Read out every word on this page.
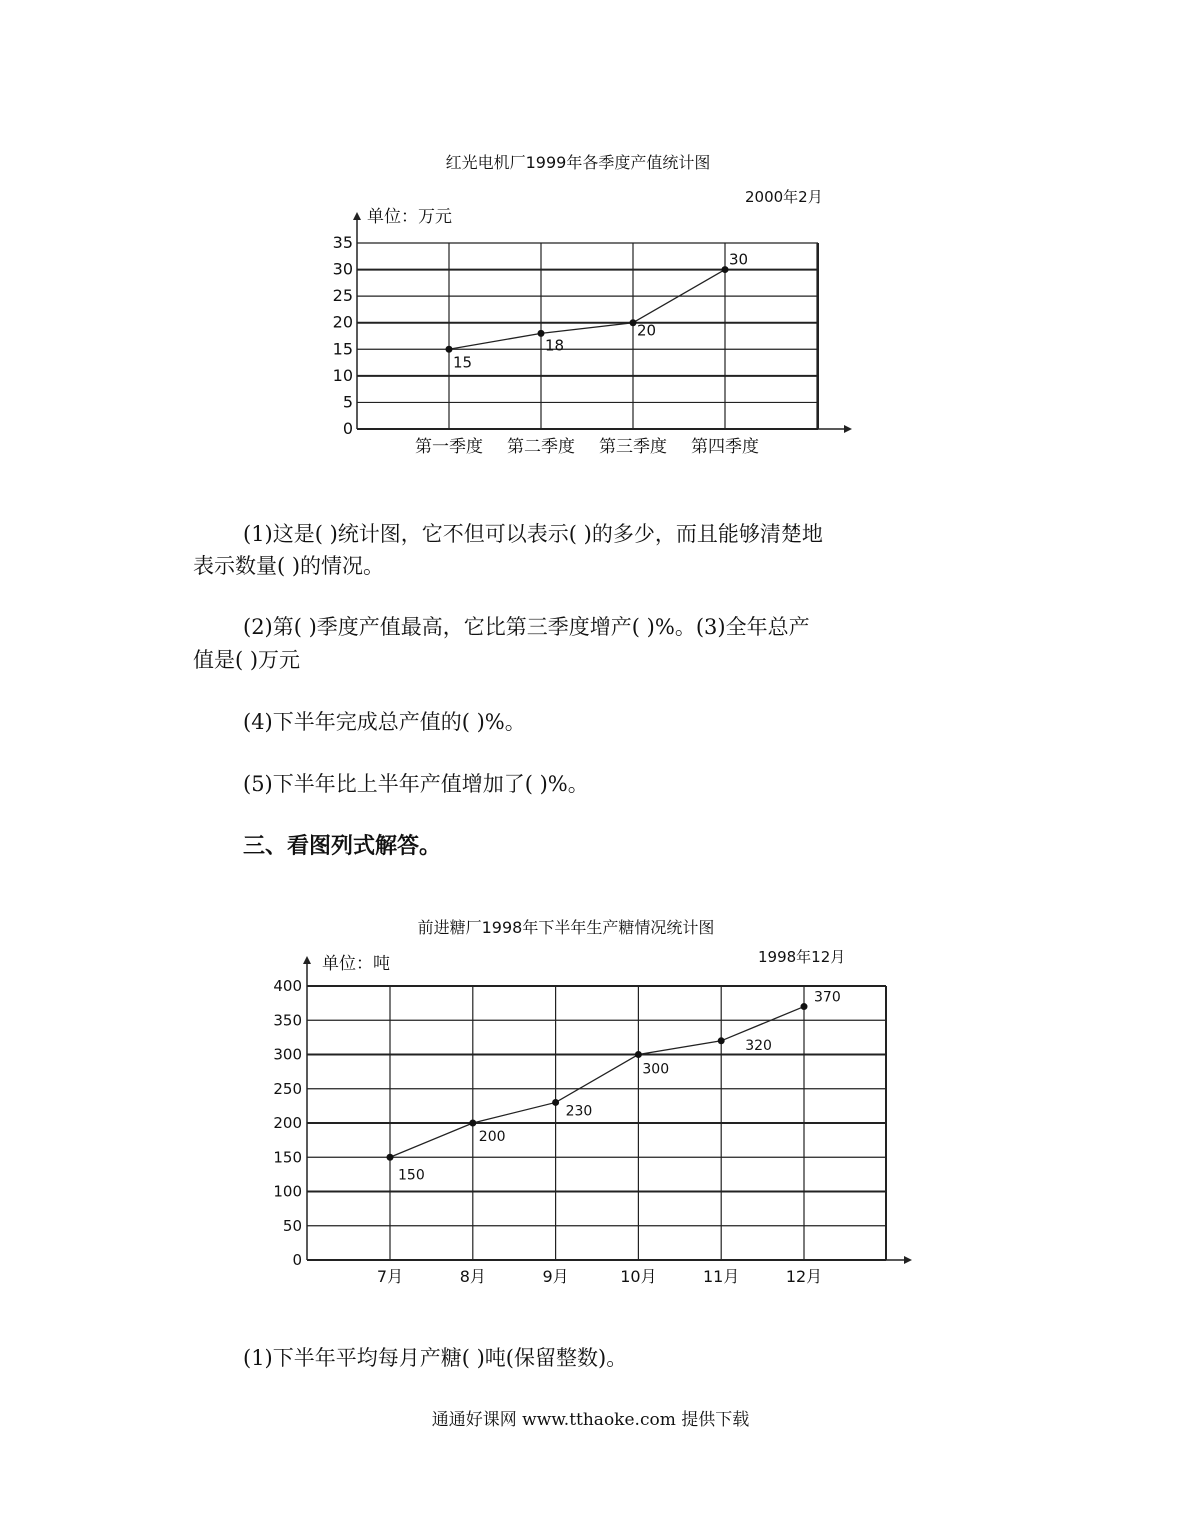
红光电机厂1999年各季度产值统计图
2000年2月
单位：万元
35
30
25
20
15
10
5
0
第一季度 第二季度 第三季度 第四季度
15
18
20
30
前进糖厂1998年下半年生产糖情况统计图
1998年12月
单位：吨
400
350
300
250
200
150
100
50
0
7月	8月	9月	10月	11月	12月
150
200
230
300
320
370
(1)这是( )统计图，它不但可以表示( )的多少，而且能够清楚地
表示数量( )的情况。
(2)第( )季度产值最高，它比第三季度增产( )%。(3)全年总产
值是( )万元
(4)下半年完成总产值的( )%。
(5)下半年比上半年产值增加了( )%。
三、看图列式解答。
(1)下半年平均每月产糖( )吨(保留整数)。
通通好课网 www.tthaoke.com 提供下载
